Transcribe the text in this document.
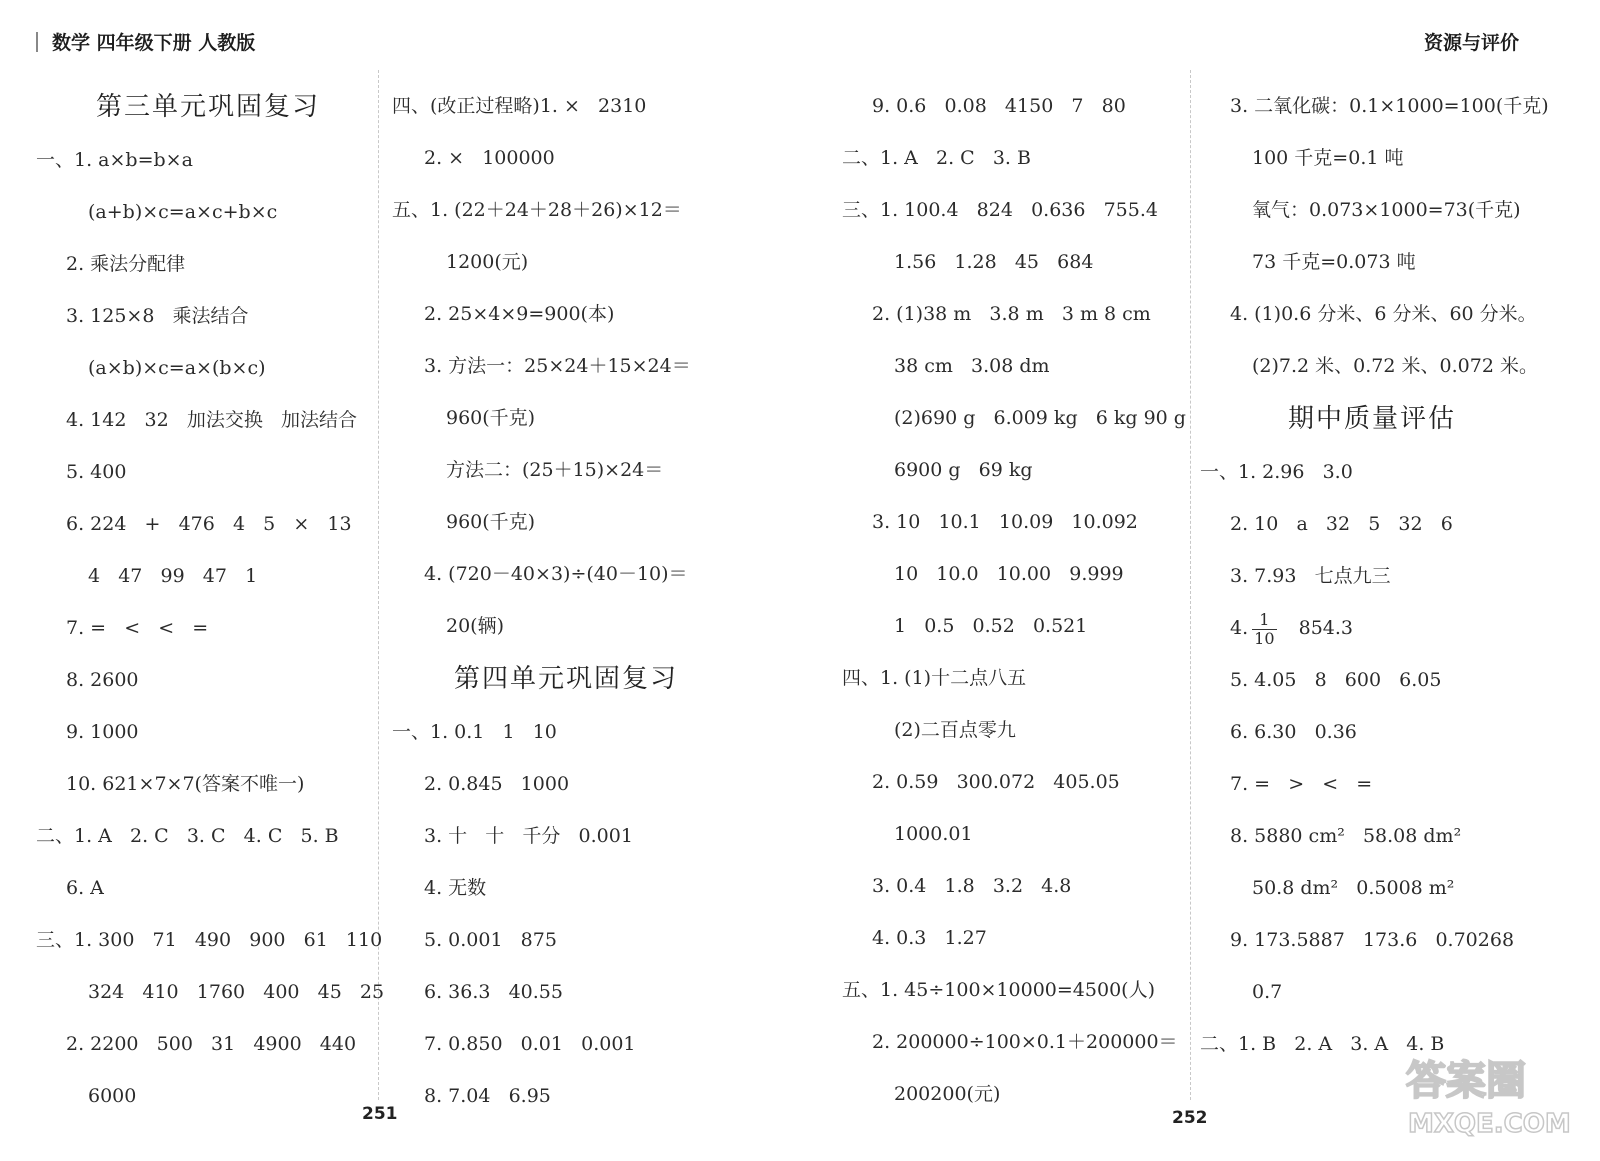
数学 四年级下册 人教版	资源与评价
第三单元巩固复习
一、1. a×b=b×a
(a+b)×c=a×c+b×c
2. 乘法分配律
3. 125×8   乘法结合
(a×b)×c=a×(b×c)
4. 142   32   加法交换   加法结合
5. 400
6. 224   +   476   4   5   ×   13
4   47   99   47   1
7. =   <   <   =
8. 2600
9. 1000
10. 621×7×7(答案不唯一)
二、1. A   2. C   3. C   4. C   5. B
6. A
三、1. 300   71   490   900   61   110
324   410   1760   400   45   25
2. 2200   500   31   4900   440
6000
四、(改正过程略)1. ×   2310
2. ×   100000
五、1. (22＋24＋28＋26)×12＝
1200(元)
2. 25×4×9=900(本)
3. 方法一：25×24＋15×24＝
960(千克)
方法二：(25＋15)×24＝
960(千克)
4. (720－40×3)÷(40－10)＝
20(辆)
第四单元巩固复习
一、1. 0.1   1   10
2. 0.845   1000
3. 十   十   千分   0.001
4. 无数
5. 0.001   875
6. 36.3   40.55
7. 0.850   0.01   0.001
8. 7.04   6.95
9. 0.6   0.08   4150   7   80
二、1. A   2. C   3. B
三、1. 100.4   824   0.636   755.4
1.56   1.28   45   684
2. (1)38 m   3.8 m   3 m 8 cm
38 cm   3.08 dm
(2)690 g   6.009 kg   6 kg 90 g
6900 g   69 kg
3. 10   10.1   10.09   10.092
10   10.0   10.00   9.999
1   0.5   0.52   0.521
四、1. (1)十二点八五
(2)二百点零九
2. 0.59   300.072   405.05
1000.01
3. 0.4   1.8   3.2   4.8
4. 0.3   1.27
五、1. 45÷100×10000=4500(人)
2. 200000÷100×0.1＋200000＝
200200(元)
3. 二氧化碳：0.1×1000=100(千克)
100 千克=0.1 吨
氧气：0.073×1000=73(千克)
73 千克=0.073 吨
4. (1)0.6 分米、6 分米、60 分米。
(2)7.2 米、0.72 米、0.072 米。
期中质量评估
一、1. 2.96   3.0
2. 10   a   32   5   32   6
3. 7.93   七点九三
4. $\frac{1}{10} 854.3$
5. 4.05   8   600   6.05
6. 6.30   0.36
7. =   >   <   =
8. 5880 cm²   58.08 dm²
50.8 dm²   0.5008 m²
9. 173.5887   173.6   0.70268
0.7
二、1. B   2. A   3. A   4. B
251	252
答案圈
MXQE.COM
